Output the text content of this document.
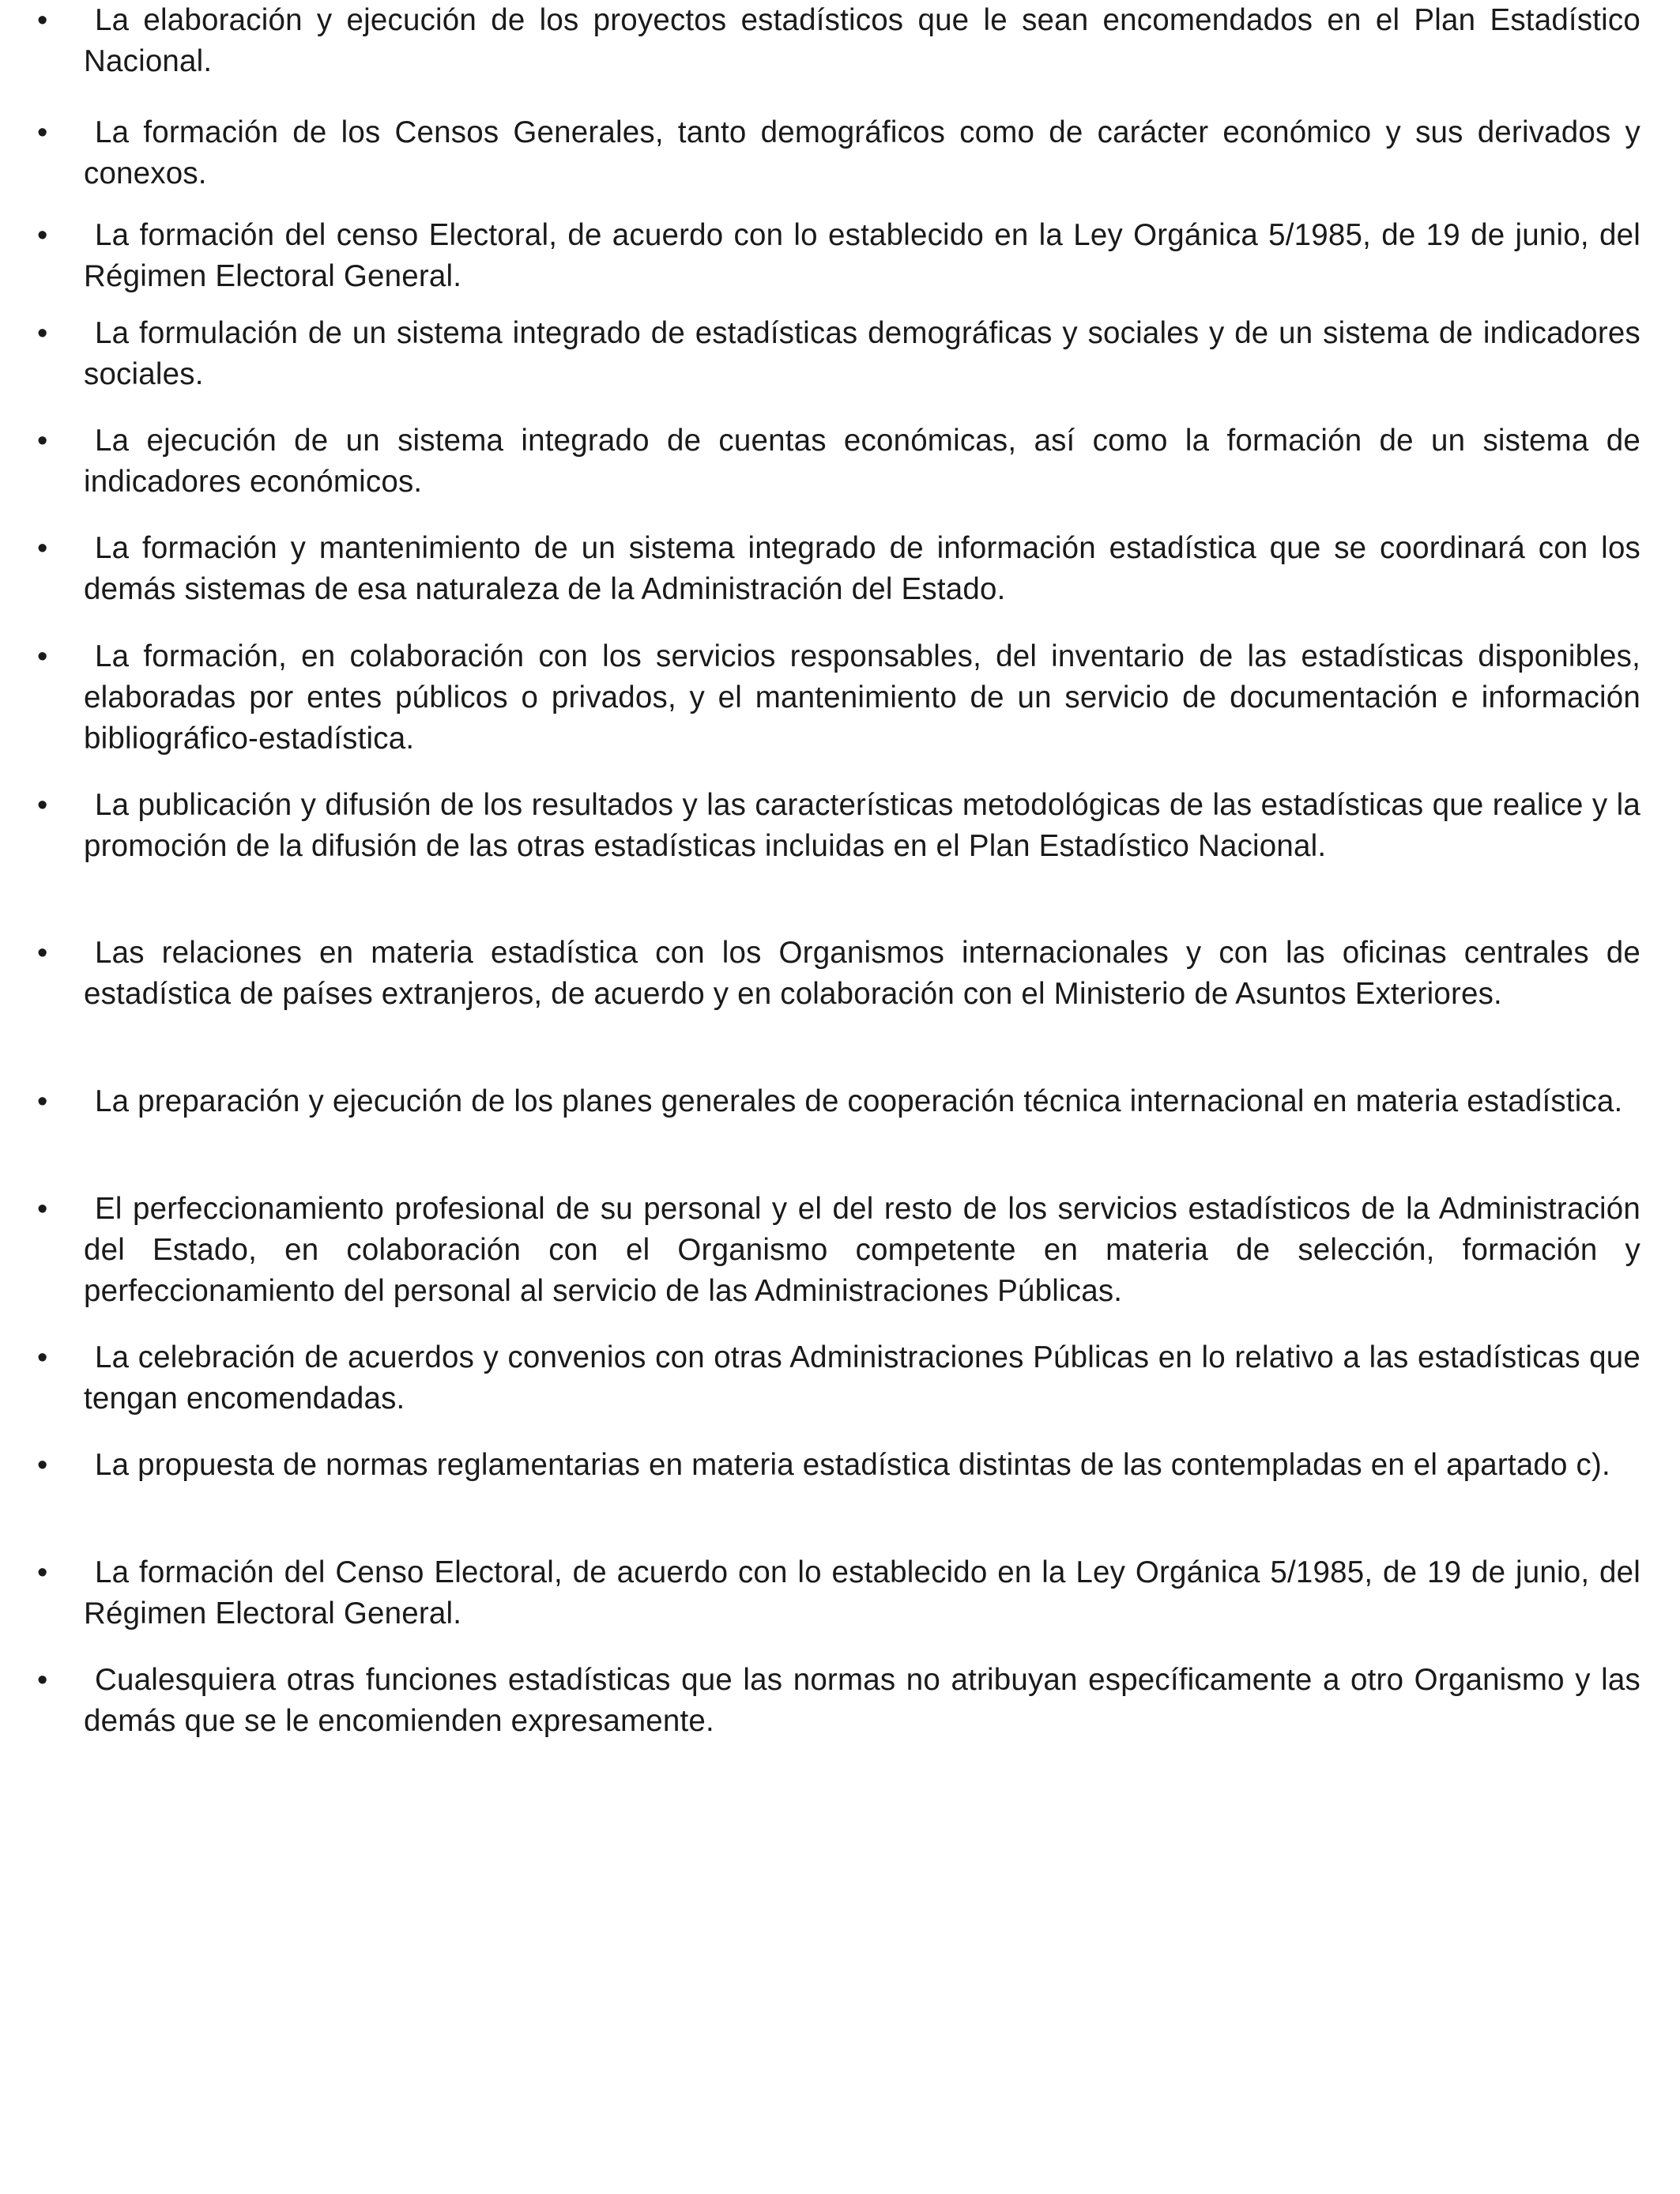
•	La elaboración y ejecución de los proyectos estadísticos que le sean encomendados en el Plan Estadístico Nacional.

•	La formación de los Censos Generales, tanto demográficos como de carácter económico y sus derivados y conexos.

•	La formación del censo Electoral, de acuerdo con lo establecido en la Ley Orgánica 5/1985, de 19 de junio, del Régimen Electoral General.

•	La formulación de un sistema integrado de estadísticas demográficas y sociales y de un sistema de indicadores sociales.

•	La ejecución de un sistema integrado de cuentas económicas, así como la formación de un sistema de indicadores económicos.

•	La formación y mantenimiento de un sistema integrado de información estadística que se coordinará con los demás sistemas de esa naturaleza de la Administración del Estado.

•	La formación, en colaboración con los servicios responsables, del inventario de las estadísticas disponibles, elaboradas por entes públicos o privados, y el mantenimiento de un servicio de documentación e información bibliográfico-estadística.

•	La publicación y difusión de los resultados y las características metodológicas de las estadísticas que realice y la promoción de la difusión de las otras estadísticas incluidas en el Plan Estadístico Nacional.

•	Las relaciones en materia estadística con los Organismos internacionales y con las oficinas centrales de estadística de países extranjeros, de acuerdo y en colaboración con el Ministerio de Asuntos Exteriores.

•	La preparación y ejecución de los planes generales de cooperación técnica internacional en materia estadística.

•	El perfeccionamiento profesional de su personal y el del resto de los servicios estadísticos de la Administración del Estado, en colaboración con el Organismo competente en materia de selección, formación y perfeccionamiento del personal al servicio de las Administraciones Públicas.

•	La celebración de acuerdos y convenios con otras Administraciones Públicas en lo relativo a las estadísticas que tengan encomendadas.

•	La propuesta de normas reglamentarias en materia estadística distintas de las contempladas en el apartado c).

•	La formación del Censo Electoral, de acuerdo con lo establecido en la Ley Orgánica 5/1985, de 19 de junio, del Régimen Electoral General.

•	Cualesquiera otras funciones estadísticas que las normas no atribuyan específicamente a otro Organismo y las demás que se le encomienden expresamente.
